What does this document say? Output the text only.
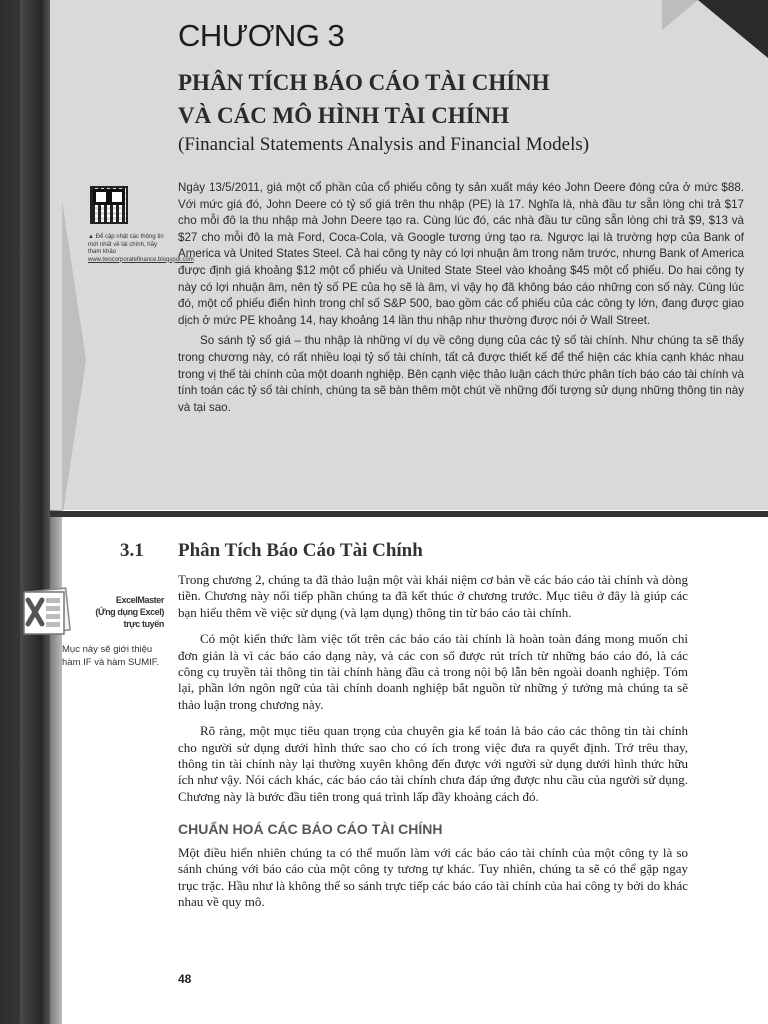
CHƯƠNG 3
PHÂN TÍCH BÁO CÁO TÀI CHÍNH
VÀ CÁC MÔ HÌNH TÀI CHÍNH

(Financial Statements Analysis and Financial Models)

▲ Để cập nhật các thông tin mới nhất về tài chính, hãy tham khảo
www.twocorporatefinance.blogspot.com

Ngày 13/5/2011, giá một cổ phần của cổ phiếu công ty sản xuất máy kéo John Deere đóng cửa ở mức $88. Với mức giá đó, John Deere có tỷ số giá trên thu nhập (PE) là 17. Nghĩa là, nhà đầu tư sẵn lòng chi trả $17 cho mỗi đô la thu nhập mà John Deere tạo ra. Cùng lúc đó, các nhà đầu tư cũng sẵn lòng chi trả $9, $13 và $27 cho mỗi đô la mà Ford, Coca-Cola, và Google tương ứng tạo ra. Ngược lại là trường hợp của Bank of America và United States Steel. Cả hai công ty này có lợi nhuận âm trong năm trước, nhưng Bank of America được định giá khoảng $12 một cổ phiếu và United State Steel vào khoảng $45 một cổ phiếu. Do hai công ty này có lợi nhuận âm, nên tỷ số PE của họ sẽ là âm, vì vậy họ đã không báo cáo những con số này. Cùng lúc đó, một cổ phiếu điển hình trong chỉ số S&P 500, bao gồm các cổ phiếu của các công ty lớn, đang được giao dịch ở mức PE khoảng 14, hay khoảng 14 lần thu nhập như thường được nói ở Wall Street.

So sánh tỷ số giá – thu nhập là những ví dụ về công dụng của các tỷ số tài chính. Như chúng ta sẽ thấy trong chương này, có rất nhiều loại tỷ số tài chính, tất cả được thiết kế để thể hiện các khía cạnh khác nhau trong vị thế tài chính của một doanh nghiệp. Bên cạnh việc thảo luận cách thức phân tích báo cáo tài chính và tính toán các tỷ số tài chính, chúng ta sẽ bàn thêm một chút về những đối tượng sử dụng những thông tin này và tại sao.

3.1 Phân Tích Báo Cáo Tài Chính
ExcelMaster
(Ứng dụng Excel)
trực tuyến
Mục này sẽ giới thiệu hàm IF và hàm SUMIF.

Trong chương 2, chúng ta đã thảo luận một vài khái niệm cơ bản về các báo cáo tài chính và dòng tiền. Chương này nối tiếp phần chúng ta đã kết thúc ở chương trước. Mục tiêu ở đây là giúp các bạn hiểu thêm về việc sử dụng (và lạm dụng) thông tin từ báo cáo tài chính.

Có một kiến thức làm việc tốt trên các báo cáo tài chính là hoàn toàn đáng mong muốn chỉ đơn giản là vì các báo cáo dạng này, và các con số được rút trích từ những báo cáo đó, là các công cụ truyền tải thông tin tài chính hàng đầu cả trong nội bộ lẫn bên ngoài doanh nghiệp. Tóm lại, phần lớn ngôn ngữ của tài chính doanh nghiệp bắt nguồn từ những ý tưởng mà chúng ta sẽ thảo luận trong chương này.

Rõ ràng, một mục tiêu quan trọng của chuyên gia kế toán là báo cáo các thông tin tài chính cho người sử dụng dưới hình thức sao cho có ích trong việc đưa ra quyết định. Trớ trêu thay, thông tin tài chính này lại thường xuyên không đến được với người sử dụng dưới hình thức hữu ích như vậy. Nói cách khác, các báo cáo tài chính chưa đáp ứng được nhu cầu của người sử dụng. Chương này là bước đầu tiên trong quá trình lấp đầy khoảng cách đó.

CHUẨN HOÁ CÁC BÁO CÁO TÀI CHÍNH

Một điều hiển nhiên chúng ta có thể muốn làm với các báo cáo tài chính của một công ty là so sánh chúng với báo cáo của một công ty tương tự khác. Tuy nhiên, chúng ta sẽ có thể gặp ngay trục trặc. Hầu như là không thể so sánh trực tiếp các báo cáo tài chính của hai công ty bởi do khác nhau về quy mô.

48
